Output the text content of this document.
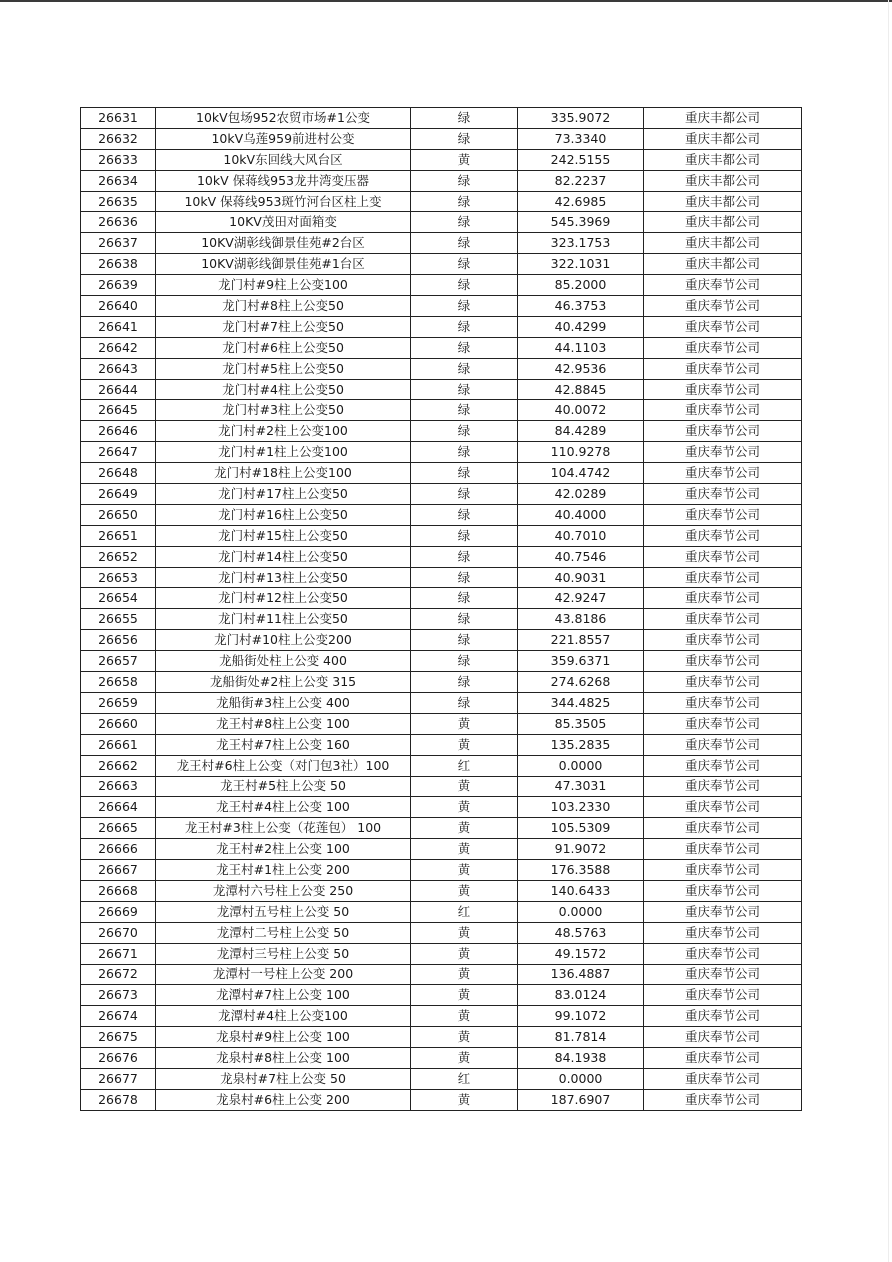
26631	10kV包场952农贸市场#1公变	绿	335.9072	重庆丰都公司
26632	10kV乌莲959前进村公变	绿	73.3340	重庆丰都公司
26633	10kV东回线大风台区	黄	242.5155	重庆丰都公司
26634	10kV 保蒋线953龙井湾变压器	绿	82.2237	重庆丰都公司
26635	10kV 保蒋线953斑竹河台区柱上变	绿	42.6985	重庆丰都公司
26636	10KV茂田对面箱变	绿	545.3969	重庆丰都公司
26637	10KV湖彰线御景佳苑#2台区	绿	323.1753	重庆丰都公司
26638	10KV湖彰线御景佳苑#1台区	绿	322.1031	重庆丰都公司
26639	龙门村#9柱上公变100	绿	85.2000	重庆奉节公司
26640	龙门村#8柱上公变50	绿	46.3753	重庆奉节公司
26641	龙门村#7柱上公变50	绿	40.4299	重庆奉节公司
26642	龙门村#6柱上公变50	绿	44.1103	重庆奉节公司
26643	龙门村#5柱上公变50	绿	42.9536	重庆奉节公司
26644	龙门村#4柱上公变50	绿	42.8845	重庆奉节公司
26645	龙门村#3柱上公变50	绿	40.0072	重庆奉节公司
26646	龙门村#2柱上公变100	绿	84.4289	重庆奉节公司
26647	龙门村#1柱上公变100	绿	110.9278	重庆奉节公司
26648	龙门村#18柱上公变100	绿	104.4742	重庆奉节公司
26649	龙门村#17柱上公变50	绿	42.0289	重庆奉节公司
26650	龙门村#16柱上公变50	绿	40.4000	重庆奉节公司
26651	龙门村#15柱上公变50	绿	40.7010	重庆奉节公司
26652	龙门村#14柱上公变50	绿	40.7546	重庆奉节公司
26653	龙门村#13柱上公变50	绿	40.9031	重庆奉节公司
26654	龙门村#12柱上公变50	绿	42.9247	重庆奉节公司
26655	龙门村#11柱上公变50	绿	43.8186	重庆奉节公司
26656	龙门村#10柱上公变200	绿	221.8557	重庆奉节公司
26657	龙船街处柱上公变 400	绿	359.6371	重庆奉节公司
26658	龙船街处#2柱上公变 315	绿	274.6268	重庆奉节公司
26659	龙船街#3柱上公变 400	绿	344.4825	重庆奉节公司
26660	龙王村#8柱上公变 100	黄	85.3505	重庆奉节公司
26661	龙王村#7柱上公变 160	黄	135.2835	重庆奉节公司
26662	龙王村#6柱上公变（对门包3社）100	红	0.0000	重庆奉节公司
26663	龙王村#5柱上公变 50	黄	47.3031	重庆奉节公司
26664	龙王村#4柱上公变 100	黄	103.2330	重庆奉节公司
26665	龙王村#3柱上公变（花莲包） 100	黄	105.5309	重庆奉节公司
26666	龙王村#2柱上公变 100	黄	91.9072	重庆奉节公司
26667	龙王村#1柱上公变 200	黄	176.3588	重庆奉节公司
26668	龙潭村六号柱上公变 250	黄	140.6433	重庆奉节公司
26669	龙潭村五号柱上公变 50	红	0.0000	重庆奉节公司
26670	龙潭村二号柱上公变 50	黄	48.5763	重庆奉节公司
26671	龙潭村三号柱上公变 50	黄	49.1572	重庆奉节公司
26672	龙潭村一号柱上公变 200	黄	136.4887	重庆奉节公司
26673	龙潭村#7柱上公变 100	黄	83.0124	重庆奉节公司
26674	龙潭村#4柱上公变100	黄	99.1072	重庆奉节公司
26675	龙泉村#9柱上公变 100	黄	81.7814	重庆奉节公司
26676	龙泉村#8柱上公变 100	黄	84.1938	重庆奉节公司
26677	龙泉村#7柱上公变 50	红	0.0000	重庆奉节公司
26678	龙泉村#6柱上公变 200	黄	187.6907	重庆奉节公司
